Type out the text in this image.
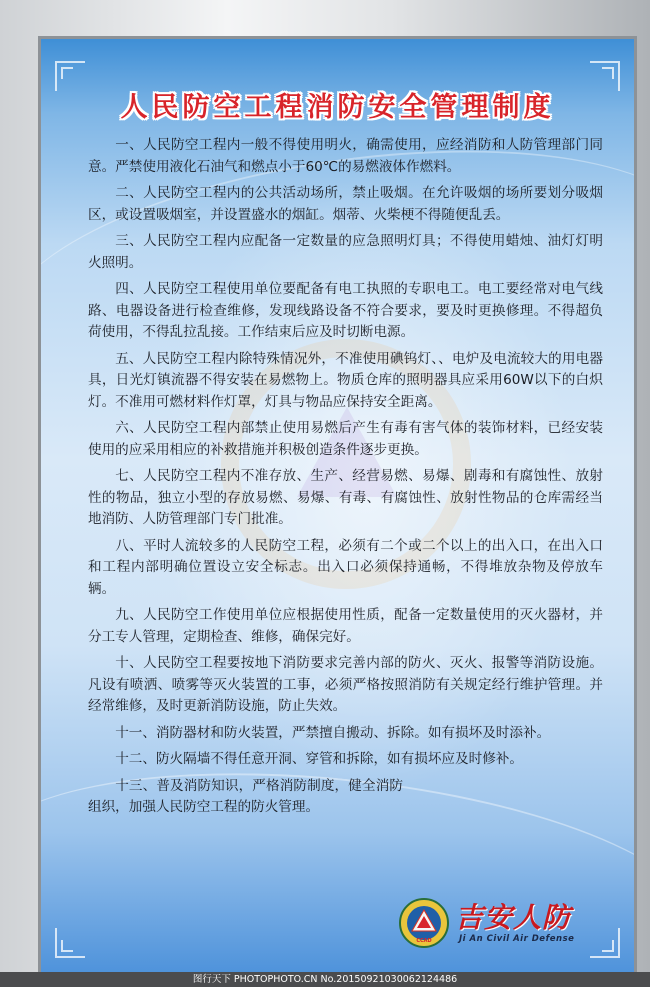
人民防空工程消防安全管理制度

一、人民防空工程内一般不得使用明火，确需使用，应经消防和人防管理部门同意。严禁使用液化石油气和燃点小于60℃的易燃液体作燃料。

二、人民防空工程内的公共活动场所，禁止吸烟。在允许吸烟的场所要划分吸烟区，或设置吸烟室，并设置盛水的烟缸。烟蒂、火柴梗不得随便乱丢。

三、人民防空工程内应配备一定数量的应急照明灯具；不得使用蜡烛、油灯灯明火照明。

四、人民防空工程使用单位要配备有电工执照的专职电工。电工要经常对电气线路、电器设备进行检查维修，发现线路设备不符合要求，要及时更换修理。不得超负荷使用，不得乱拉乱接。工作结束后应及时切断电源。

五、人民防空工程内除特殊情况外，不准使用碘钨灯、、电炉及电流较大的用电器具，日光灯镇流器不得安装在易燃物上。物质仓库的照明器具应采用60W以下的白炽灯。不准用可燃材料作灯罩，灯具与物品应保持安全距离。

六、人民防空工程内部禁止使用易燃后产生有毒有害气体的装饰材料，已经安装使用的应采用相应的补救措施并积极创造条件逐步更换。

七、人民防空工程内不准存放、生产、经营易燃、易爆、剧毒和有腐蚀性、放射性的物品，独立小型的存放易燃、易爆、有毒、有腐蚀性、放射性物品的仓库需经当地消防、人防管理部门专门批准。

八、平时人流较多的人民防空工程，必须有二个或二个以上的出入口，在出入口和工程内部明确位置设立安全标志。出入口必须保持通畅，不得堆放杂物及停放车辆。

九、人民防空工作使用单位应根据使用性质，配备一定数量使用的灭火器材，并分工专人管理，定期检查、维修，确保完好。

十、人民防空工程要按地下消防要求完善内部的防火、灭火、报警等消防设施。凡设有喷洒、喷雾等灭火装置的工事，必须严格按照消防有关规定经行维护管理。并经常维修，及时更新消防设施，防止失效。

十一、消防器材和防火装置，严禁擅自搬动、拆除。如有损坏及时添补。

十二、防火隔墙不得任意开洞、穿管和拆除，如有损坏应及时修补。

十三、普及消防知识，严格消防制度，健全消防组织，加强人民防空工程的防火管理。

CCAD
吉安人防
Ji An Civil Air Defense
图行天下 PHOTOPHOTO.CN No.20150921030062124486
